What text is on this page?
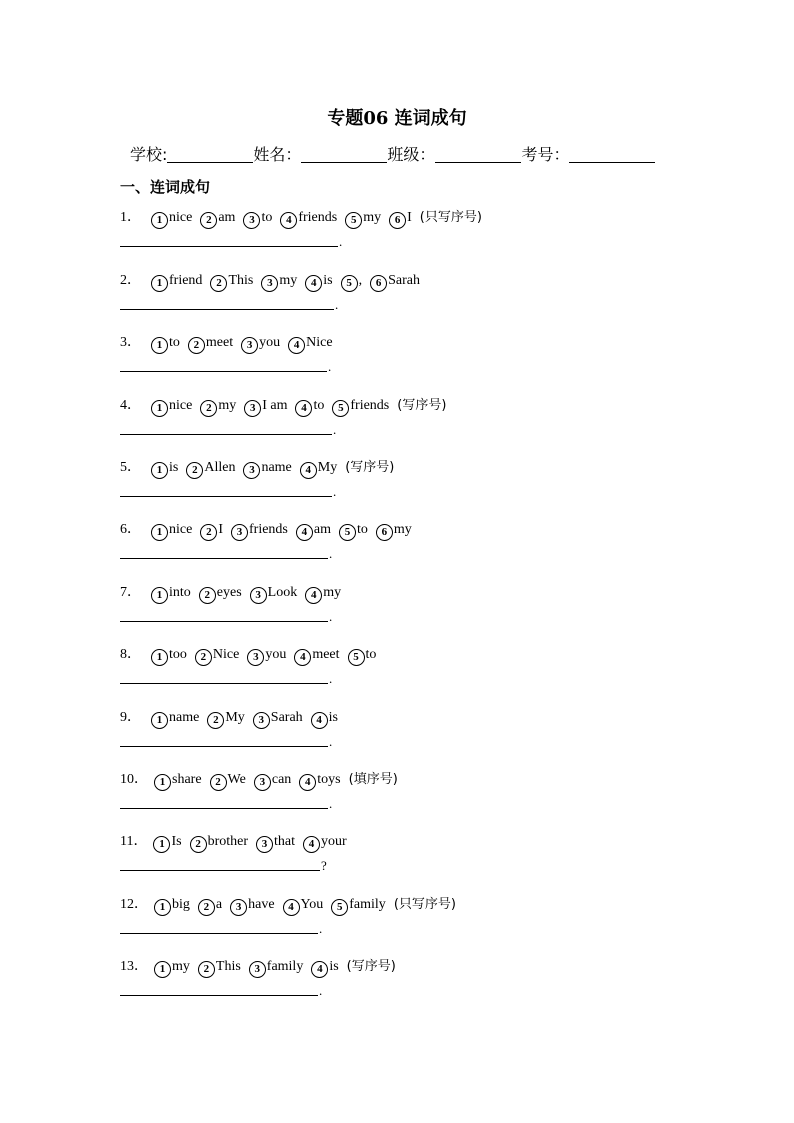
专题06 连词成句
学校:	姓名：	班级：	考号：
一、连词成句
1． 1 nice 2 am 3 to 4 friends 5 my 6 I (只写序号)
.
2． 1 friend 2 This 3 my 4 is 5 , 6 Sarah
.
3． 1 to 2 meet 3 you 4 Nice
.
4． 1 nice 2 my 3 I am 4 to 5 friends (写序号)
.
5． 1 is 2 Allen 3 name 4 My (写序号)
.
6． 1 nice 2 I 3 friends 4 am 5 to 6 my
.
7． 1 into 2 eyes 3 Look 4 my
.
8． 1 too 2 Nice 3 you 4 meet 5 to
.
9． 1 name 2 My 3 Sarah 4 is
.
10． 1 share 2 We 3 can 4 toys (填序号)
.
11． 1 Is 2 brother 3 that 4 your
?
12． 1 big 2 a 3 have 4 You 5 family (只写序号)
.
13． 1 my 2 This 3 family 4 is (写序号)
.
